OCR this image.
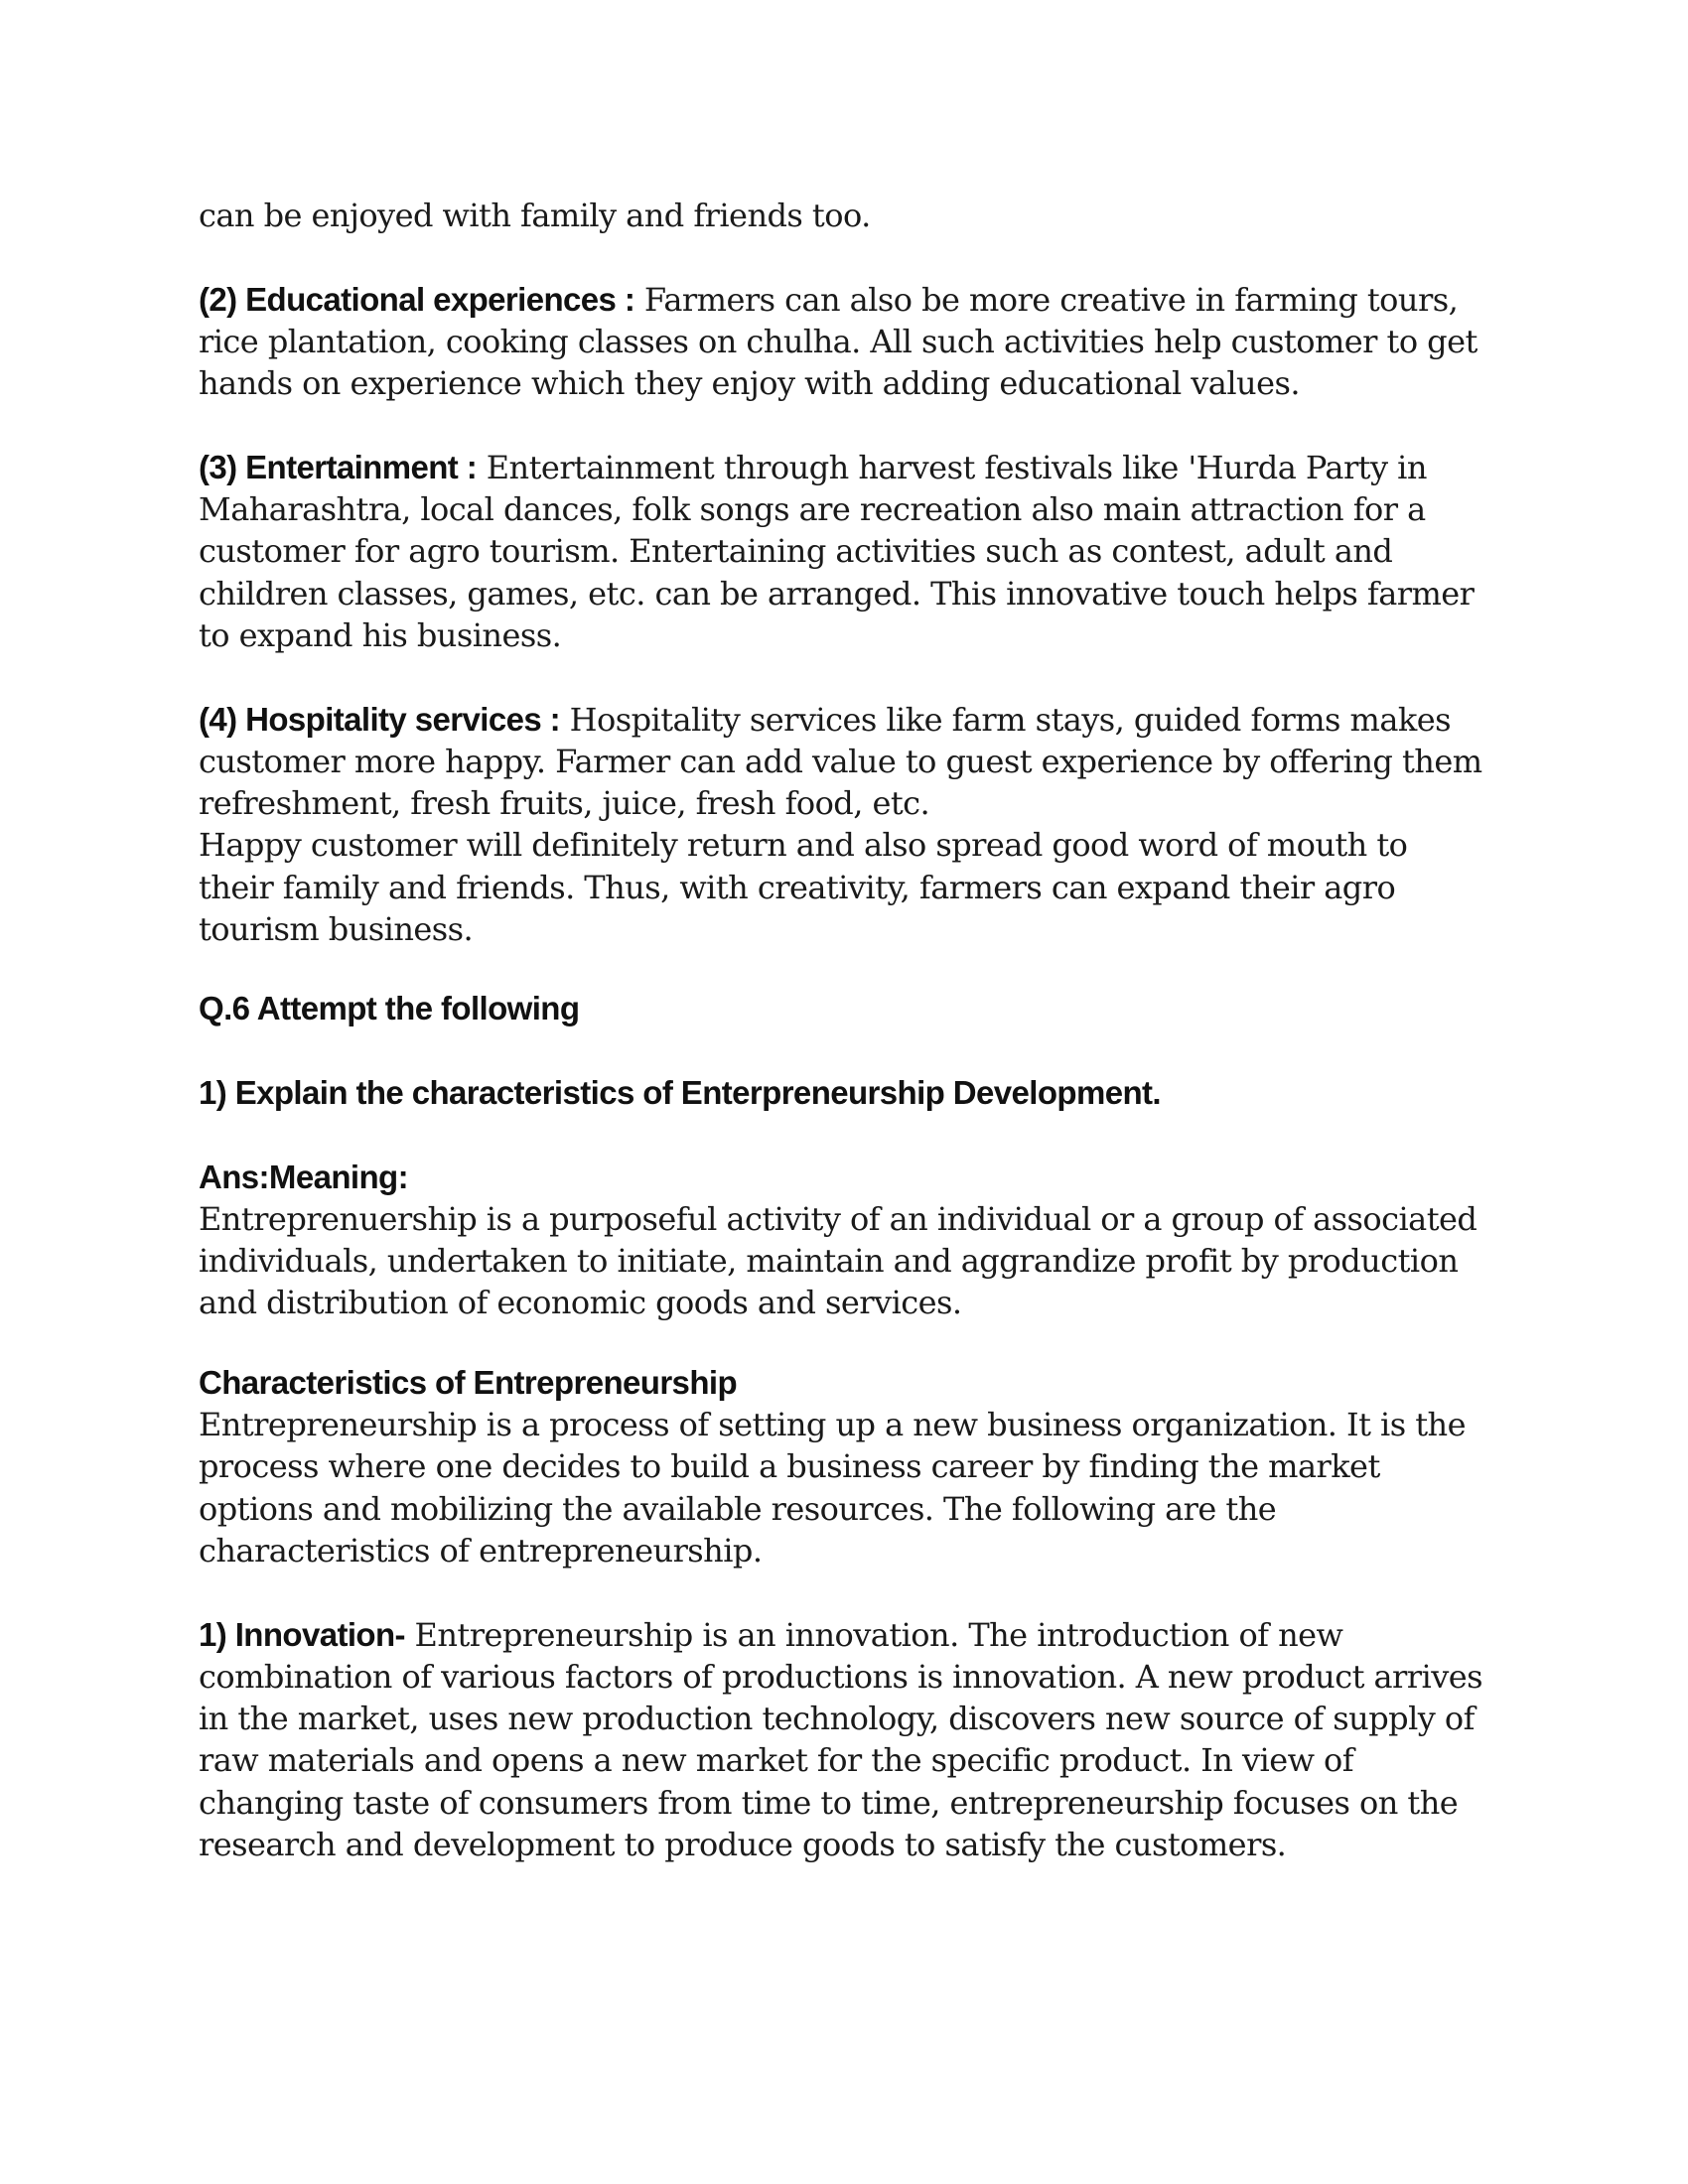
can be enjoyed with family and friends too.

(2) Educational experiences : Farmers can also be more creative in farming tours, rice plantation, cooking classes on chulha. All such activities help customer to get hands on experience which they enjoy with adding educational values.

(3) Entertainment : Entertainment through harvest festivals like 'Hurda Party in Maharashtra, local dances, folk songs are recreation also main attraction for a customer for agro tourism. Entertaining activities such as contest, adult and children classes, games, etc. can be arranged. This innovative touch helps farmer to expand his business.

(4) Hospitality services : Hospitality services like farm stays, guided forms makes customer more happy. Farmer can add value to guest experience by offering them refreshment, fresh fruits, juice, fresh food, etc.

Happy customer will definitely return and also spread good word of mouth to their family and friends. Thus, with creativity, farmers can expand their agro tourism business.

Q.6 Attempt the following

1) Explain the characteristics of Enterpreneurship Development.

Ans:Meaning:

Entreprenuership is a purposeful activity of an individual or a group of associated individuals, undertaken to initiate, maintain and aggrandize profit by production and distribution of economic goods and services.

Characteristics of Entrepreneurship

Entrepreneurship is a process of setting up a new business organization. It is the process where one decides to build a business career by finding the market options and mobilizing the available resources. The following are the characteristics of entrepreneurship.

1) Innovation- Entrepreneurship is an innovation. The introduction of new combination of various factors of productions is innovation. A new product arrives in the market, uses new production technology, discovers new source of supply of raw materials and opens a new market for the specific product. In view of changing taste of consumers from time to time, entrepreneurship focuses on the research and development to produce goods to satisfy the customers.
